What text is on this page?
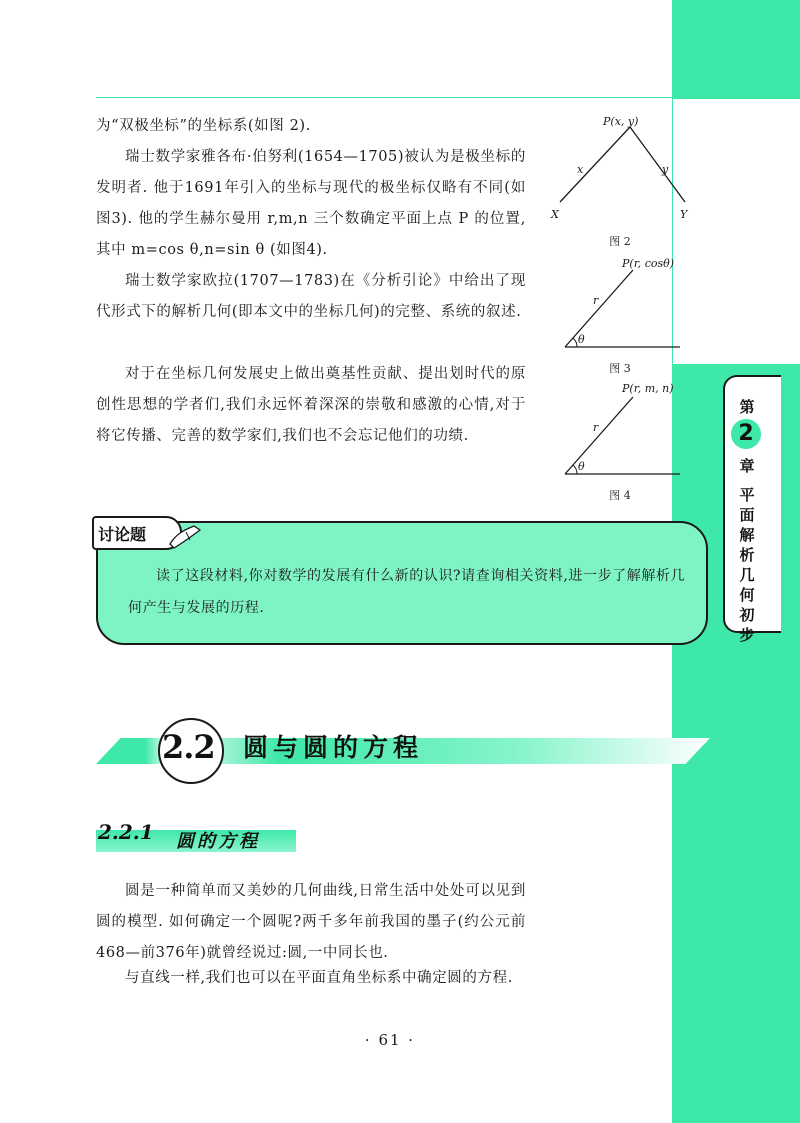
第
2
章
平面解析几何初步
为“双极坐标”的坐标系(如图 2).
瑞士数学家雅各布·伯努利(1654—1705)被认为是极坐标的发明者. 他于1691年引入的坐标与现代的极坐标仅略有不同(如图3). 他的学生赫尔曼用 r,m,n 三个数确定平面上点 P 的位置,其中 m=cos θ,n=sin θ (如图4).
瑞士数学家欧拉(1707—1783)在《分析引论》中给出了现代形式下的解析几何(即本文中的坐标几何)的完整、系统的叙述.
对于在坐标几何发展史上做出奠基性贡献、提出划时代的原创性思想的学者们,我们永远怀着深深的崇敬和感激的心情,对于将它传播、完善的数学家们,我们也不会忘记他们的功绩.
P(x, y)
x	y
X	Y
图 2
P(r, cosθ)
r
θ
图 3
P(r, m, n)
r
θ
图 4
讨论题
读了这段材料,你对数学的发展有什么新的认识?请查询相关资料,进一步了解解析几何产生与发展的历程.
2.2 圆与圆的方程
2.2.1 圆的方程
圆是一种简单而又美妙的几何曲线,日常生活中处处可以见到圆的模型. 如何确定一个圆呢?两千多年前我国的墨子(约公元前468—前376年)就曾经说过:圆,一中同长也.
与直线一样,我们也可以在平面直角坐标系中确定圆的方程.
· 61 ·
